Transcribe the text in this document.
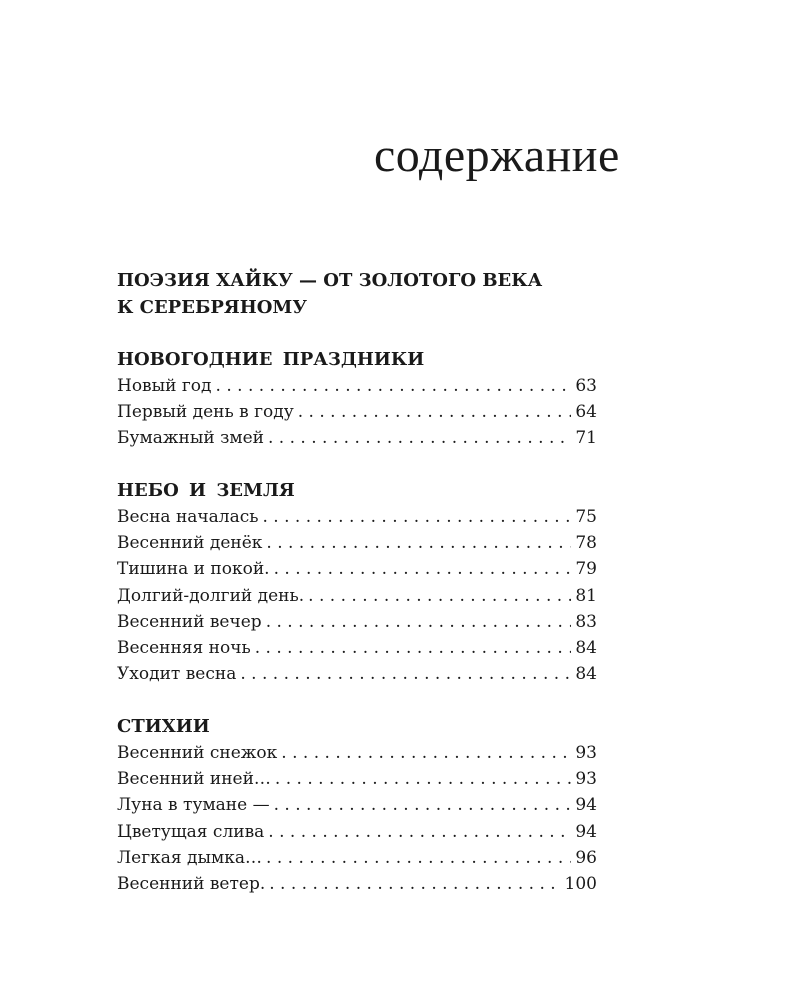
содержание
ПОЭЗИЯ ХАЙКУ — ОТ ЗОЛОТОГО ВЕКА
К СЕРЕБРЯНОМУ
НОВОГОДНИЕ ПРАЗДНИКИ
Новый год . . .	63
Первый день в году . . .	64
Бумажный змей . . .	71
НЕБО И ЗЕМЛЯ
Весна началась . . .	75
Весенний денёк . . .	78
Тишина и покой. . . .	79
Долгий-долгий день. . . .	81
Весенний вечер . . .	83
Весенняя ночь . . .	84
Уходит весна . . .	84
СТИХИИ
Весенний снежок . . .	93
Весенний иней… . . .	93
Луна в тумане — . . .	94
Цветущая слива . . .	94
Легкая дымка… . . .	96
Весенний ветер. . . .	100
